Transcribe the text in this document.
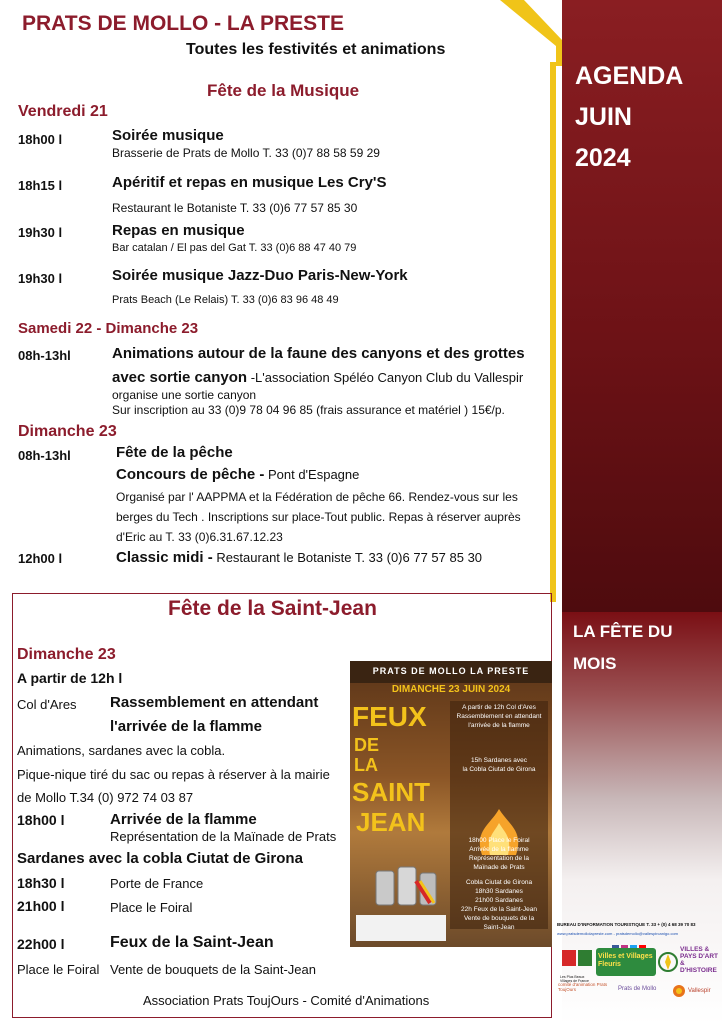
AGENDA
JUIN
2024
LA FÊTE DU
MOIS
PRATS DE MOLLO - LA PRESTE
Toutes les festivités et animations
Fête de la Musique
Vendredi 21
18h00 l	Soirée musique
Brasserie de Prats de Mollo T. 33 (0)7 88 58 59 29
18h15 l	Apéritif et repas en musique Les Cry'S
Restaurant le Botaniste T. 33 (0)6 77 57 85 30
19h30 l	Repas en musique
Bar catalan / El pas del Gat T. 33 (0)6 88 47 40 79
19h30 l	Soirée musique Jazz-Duo Paris-New-York
Prats Beach (Le Relais) T. 33 (0)6 83 96 48 49
Samedi 22 - Dimanche 23
08h-13hl	Animations autour de la faune des canyons et des grottes
avec sortie canyon -L'association Spéléo Canyon Club du Vallespir
organise une sortie canyon
Sur inscription au 33 (0)9 78 04 96 85 (frais assurance et matériel ) 15€/p.
Dimanche 23
08h-13hl	Fête de la pêche
Concours de pêche - Pont d'Espagne
Organisé par l' AAPPMA et la Fédération de pêche 66. Rendez-vous sur les
berges du Tech . Inscriptions sur place-Tout public. Repas à réserver auprès
d'Eric au T. 33 (0)6.31.67.12.23
12h00 l	Classic midi - Restaurant le Botaniste T. 33 (0)6 77 57 85 30
Fête de la Saint-Jean
Dimanche 23
A partir de 12h l
Col d'Ares Rassemblement en attendant
l'arrivée de la flamme
Animations, sardanes avec la cobla.
Pique-nique tiré du sac ou repas à réserver à la mairie
de Mollo T.34 (0) 972 74 03 87
18h00 l	Arrivée de la flamme
Représentation de la Maïnade de Prats
Sardanes avec la cobla Ciutat de Girona
18h30 l	Porte de France
21h00 l	Place le Foiral
22h00 l	Feux de la Saint-Jean
Place le Foiral Vente de bouquets de la Saint-Jean
Association Prats ToujOurs - Comité d'Animations
PRATS DE MOLLO LA PRESTE
DIMANCHE 23 JUIN 2024
FEUX
DE
LA
SAINT
JEAN
A partir de 12h Col d'Ares
Rassemblement en attendant
l'arrivée de la flamme
15h Sardanes avec
la Cobla Ciutat de Girona
18h00 Place le Foiral
Arrivée de la flamme
Représentation de la
Maïnade de Prats
Cobla Ciutat de Girona
18h30 Sardanes
21h00 Sardanes
22h Feux de la Saint-Jean
Vente de bouquets de la
Saint-Jean	BUREAU D'INFORMATION TOURISTIQUE T. 33 + (0) 4 68 39 70 83
www.pratsdemollolapreste.com - pratsdemollo@vallespircanigo.com
Les Plus Beaux Villages de France
Villes et Villages Fleuris
VILLES & PAYS D'ART & D'HISTOIRE
comité d'animation Prats ToujOurs	Prats de Mollo	Vallespir
